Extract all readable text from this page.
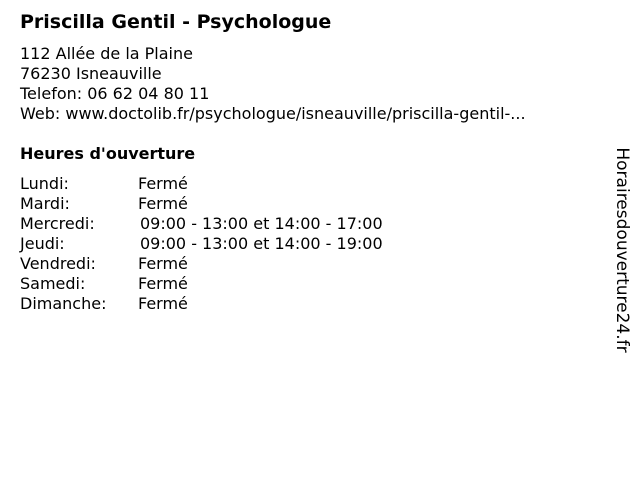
Priscilla Gentil - Psychologue
112 Allée de la Plaine
76230 Isneauville
Telefon: 06 62 04 80 11
Web: www.doctolib.fr/psychologue/isneauville/priscilla-gentil-...
Heures d'ouverture
Lundi:	Fermé
Mardi:	Fermé
Mercredi:	09:00 - 13:00 et 14:00 - 17:00
Jeudi:	09:00 - 13:00 et 14:00 - 19:00
Vendredi:	Fermé
Samedi:	Fermé
Dimanche: Fermé	Horairesdouverture24.fr
